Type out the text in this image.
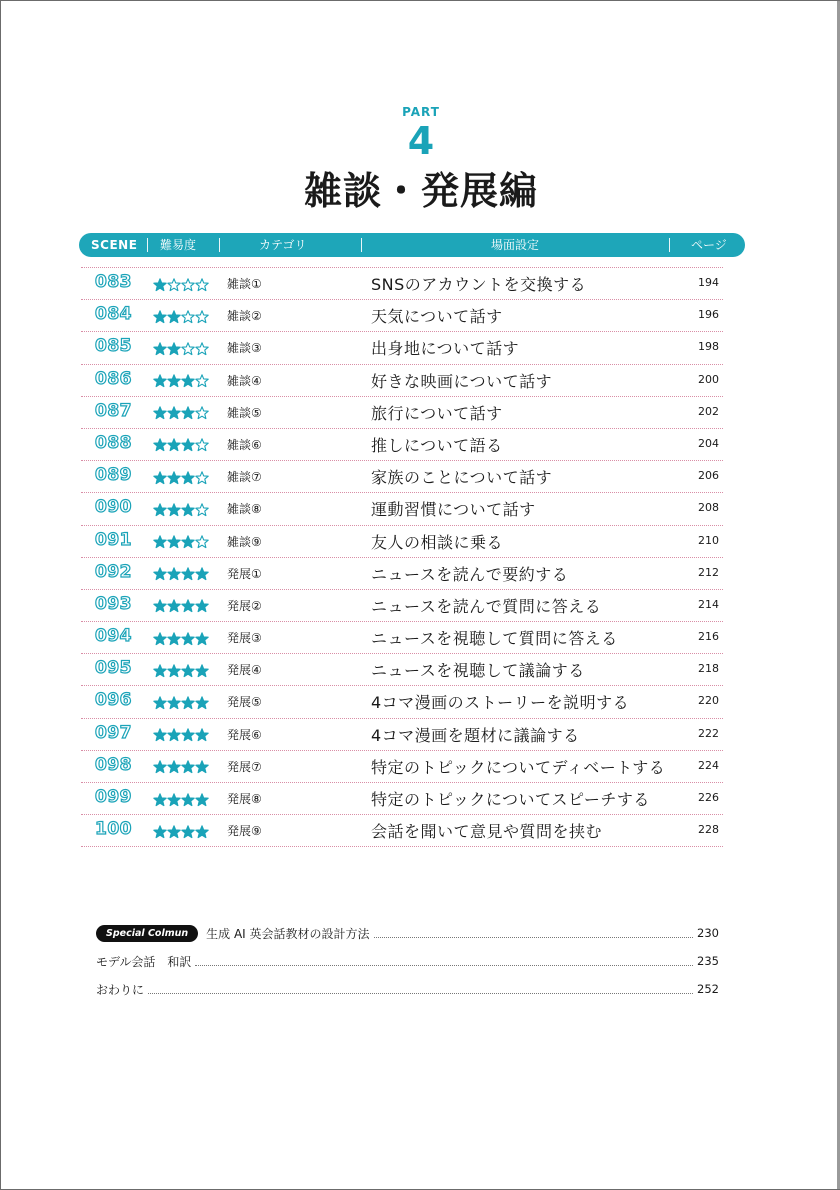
PART
4
雑談・発展編
SCENE 難易度	カテゴリ	場面設定	ページ
083	雑談①	SNSのアカウントを交換する	194
084	雑談②	天気について話す	196
085	雑談③	出身地について話す	198
086	雑談④	好きな映画について話す	200
087	雑談⑤	旅行について話す	202
088	雑談⑥	推しについて語る	204
089	雑談⑦	家族のことについて話す	206
090	雑談⑧	運動習慣について話す	208
091	雑談⑨	友人の相談に乗る	210
092	発展①	ニュースを読んで要約する	212
093	発展②	ニュースを読んで質問に答える	214
094	発展③	ニュースを視聴して質問に答える	216
095	発展④	ニュースを視聴して議論する	218
096	発展⑤	4コマ漫画のストーリーを説明する	220
097	発展⑥	4コマ漫画を題材に議論する	222
098	発展⑦	特定のトピックについてディベートする	224
099	発展⑧	特定のトピックについてスピーチする	226
100	発展⑨	会話を聞いて意見や質問を挟む	228
Special Colmun	生成 AI 英会話教材の設計方法	230
モデル会話　和訳	235
おわりに	252
